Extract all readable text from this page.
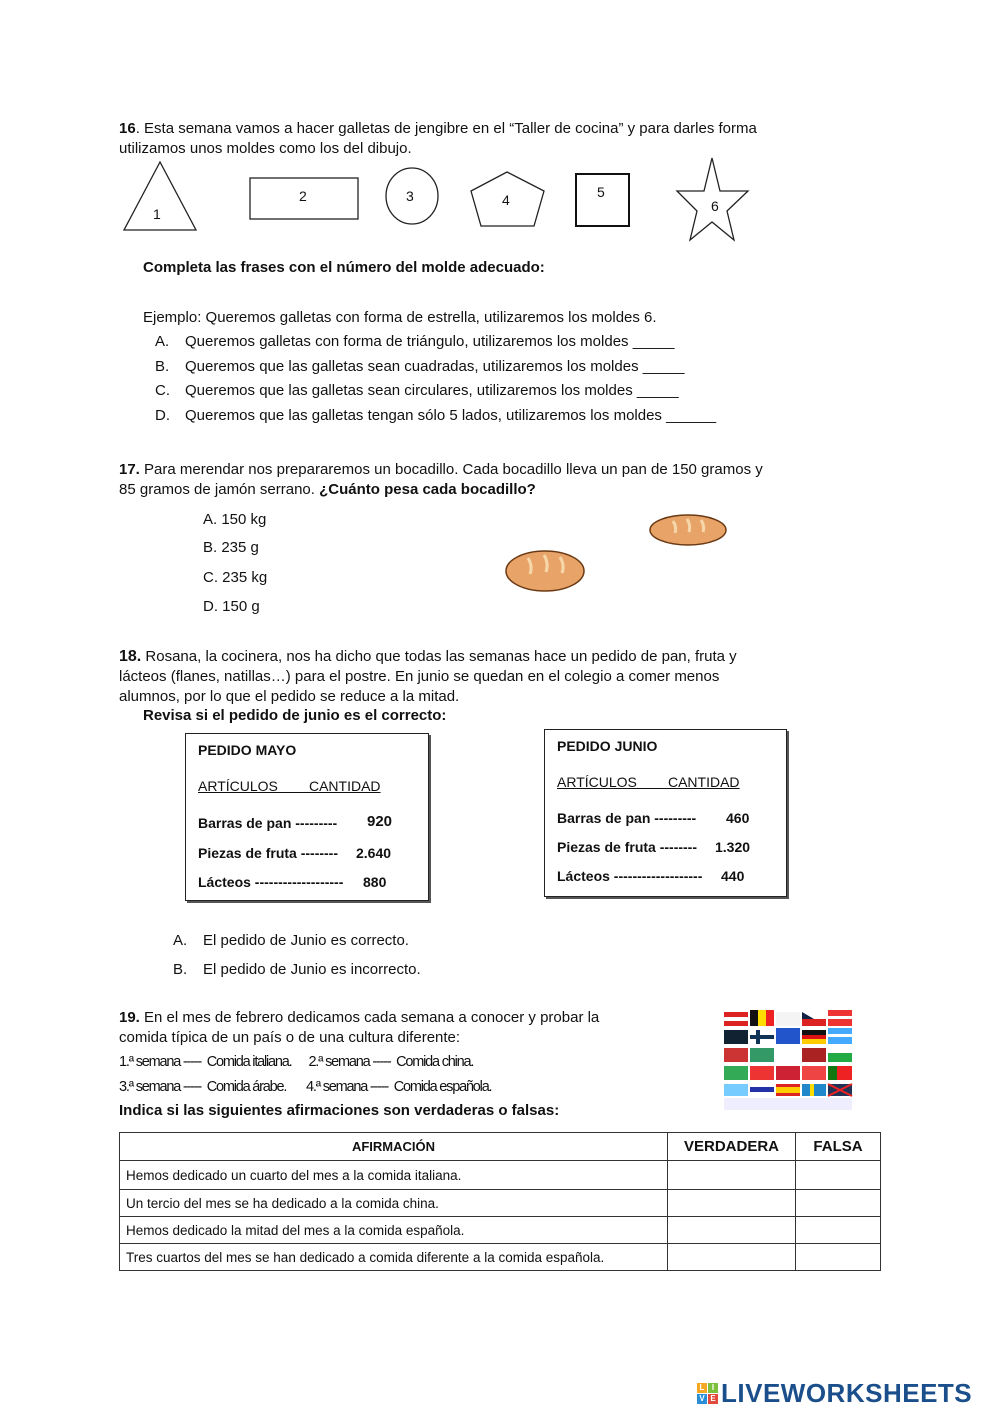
16. Esta semana vamos a hacer galletas de jengibre en el “Taller de cocina” y para darles forma
utilizamos unos moldes como los del dibujo.
1
2	3	4	5
6
Completa las frases con el número del molde adecuado:
Ejemplo: Queremos galletas con forma de estrella, utilizaremos los moldes 6.
A. Queremos galletas con forma de triángulo, utilizaremos los moldes _____
B. Queremos que las galletas sean cuadradas, utilizaremos los moldes _____
C. Queremos que las galletas sean circulares, utilizaremos los moldes _____
D. Queremos que las galletas tengan sólo 5 lados, utilizaremos los moldes ______
17. Para merendar nos prepararemos un bocadillo. Cada bocadillo lleva un pan de 150 gramos y
85 gramos de jamón serrano. ¿Cuánto pesa cada bocadillo?
A. 150 kg
B. 235 g
C. 235 kg
D. 150 g
18. Rosana, la cocinera, nos ha dicho que todas las semanas hace un pedido de pan, fruta y
lácteos (flanes, natillas…) para el postre. En junio se quedan en el colegio a comer menos
alumnos, por lo que el pedido se reduce a la mitad.
Revisa si el pedido de junio es el correcto:
PEDIDO MAYO
ARTÍCULOS        CANTIDAD
Barras de pan --------- 920
Piezas de fruta -------- 2.640
Lácteos ------------------- 880
PEDIDO JUNIO
ARTÍCULOS        CANTIDAD
Barras de pan --------- 460
Piezas de fruta -------- 1.320
Lácteos ------------------- 440
A. El pedido de Junio es correcto.
B. El pedido de Junio es incorrecto.
19. En el mes de febrero dedicamos cada semana a conocer y probar la
comida típica de un país o de una cultura diferente:
1.ª semana -----  Comida italiana.      2.ª semana -----  Comida china.
3.ª semana -----  Comida árabe.       4.ª semana -----  Comida española.
Indica si las siguientes afirmaciones son verdaderas o falsas:
AFIRMACIÓN	VERDADERA	FALSA
Hemos dedicado un cuarto del mes a la comida italiana.		
Un tercio del mes se ha dedicado a la comida china.		
Hemos dedicado la mitad del mes a la comida española.		
Tres cuartos del mes se han dedicado a comida diferente a la comida española.		
L I
V E LIVEWORKSHEETS
